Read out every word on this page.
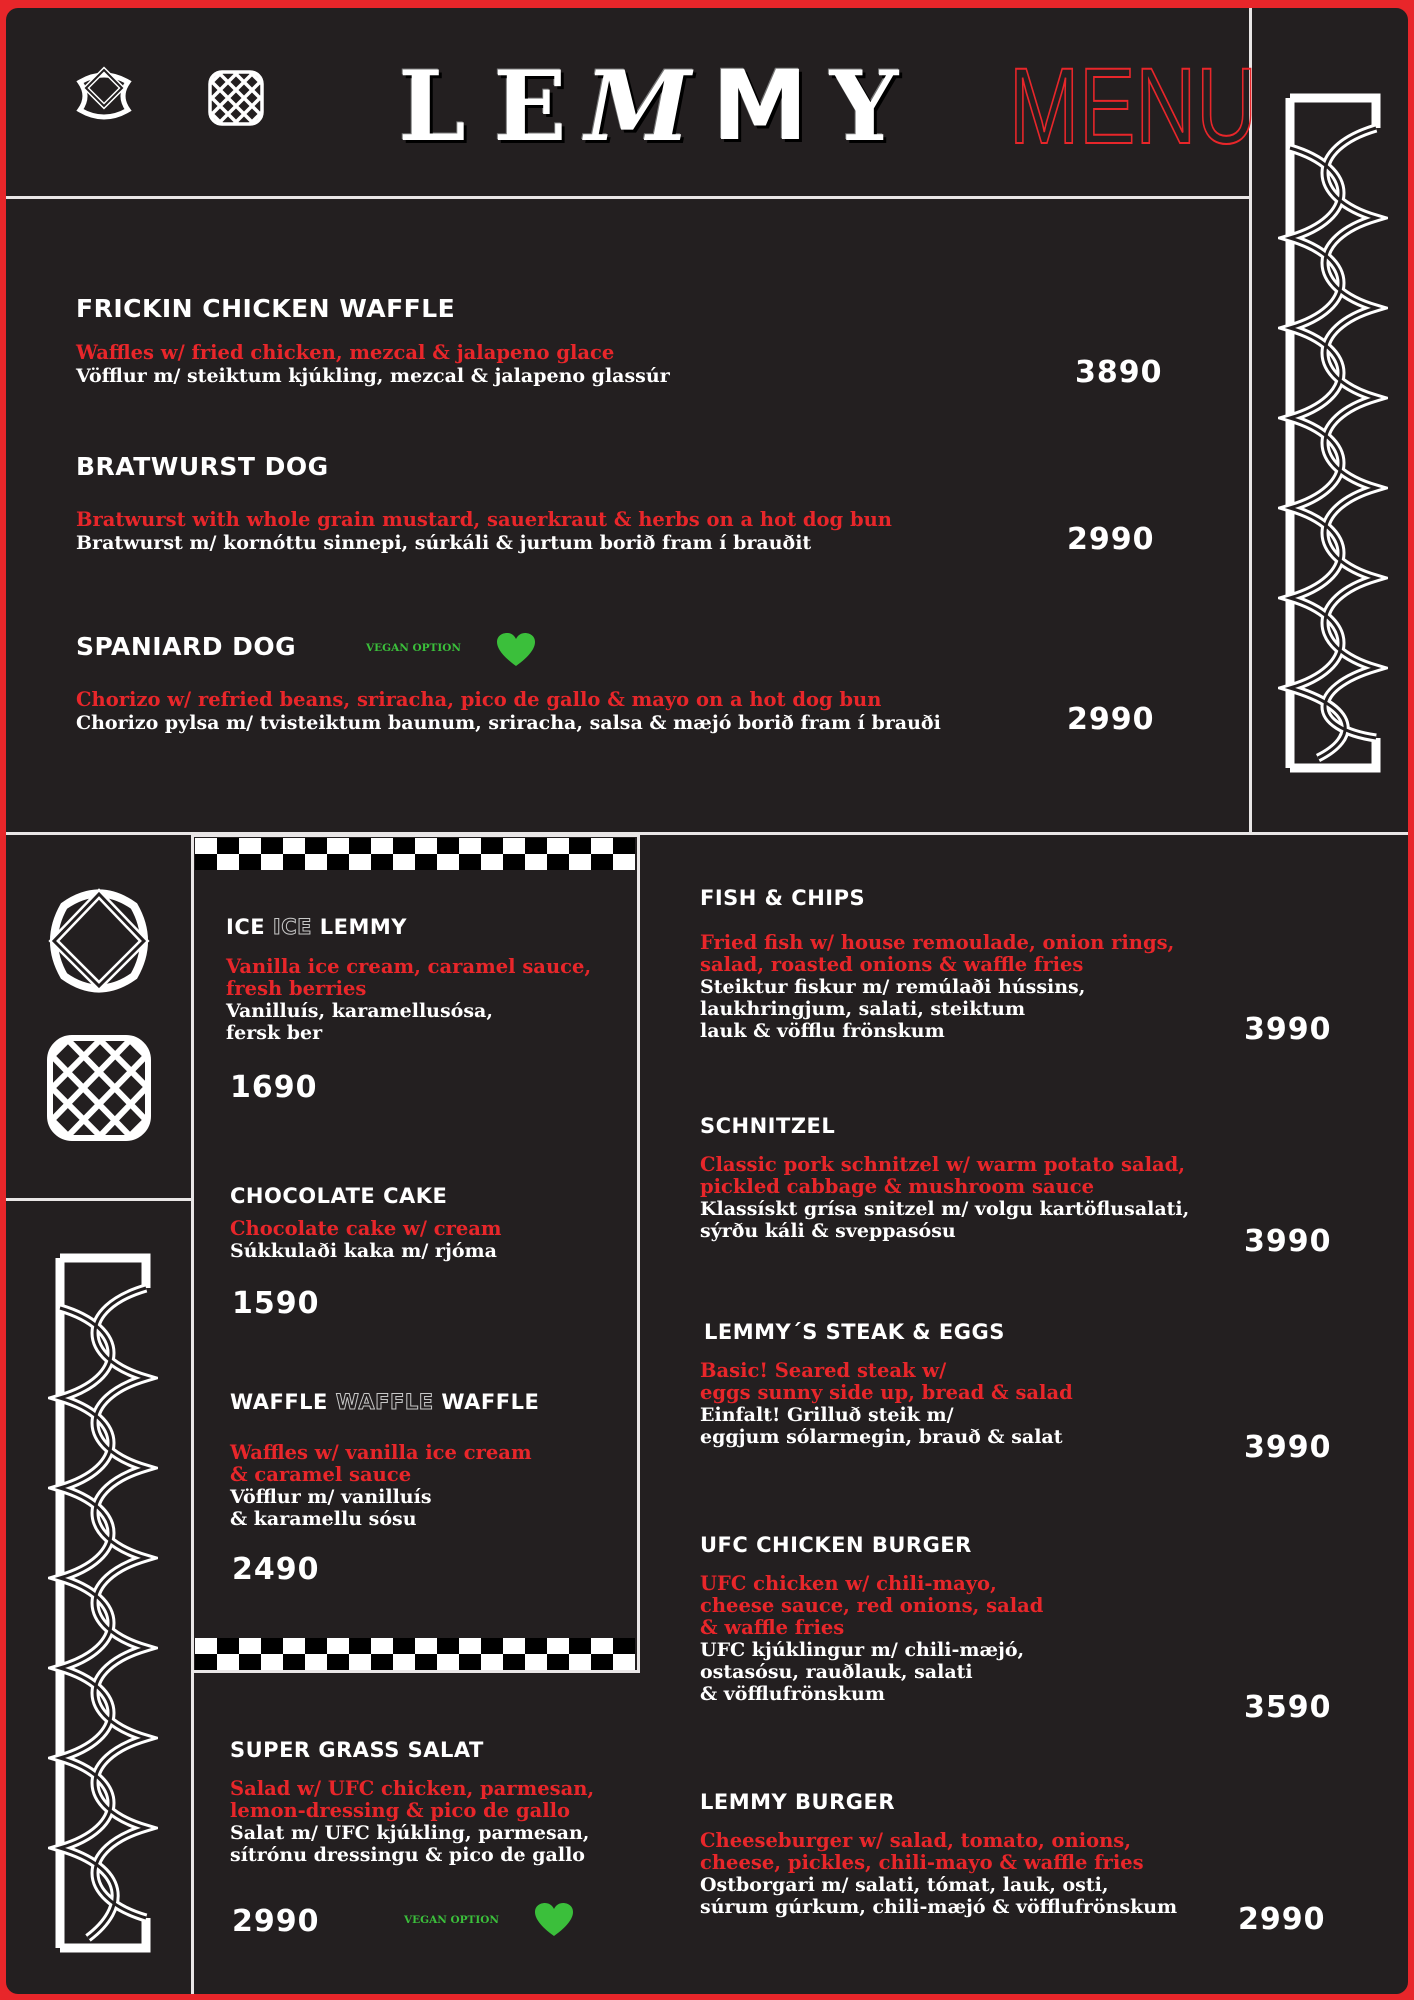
L E M M Y MENU
FRICKIN CHICKEN WAFFLE
Waffles w/ fried chicken, mezcal & jalapeno glace
Vöfflur m/ steiktum kjúkling, mezcal & jalapeno glassúr	3890
BRATWURST DOG
Bratwurst with whole grain mustard, sauerkraut & herbs on a hot dog bun
Bratwurst m/ kornóttu sinnepi, súrkáli & jurtum borið fram í brauðit	2990
SPANIARD DOG	VEGAN OPTION
Chorizo w/ refried beans, sriracha, pico de gallo & mayo on a hot dog bun
Chorizo pylsa m/ tvisteiktum baunum, sriracha, salsa & mæjó borið fram í brauði	2990
ICE ICE LEMMY
Vanilla ice cream, caramel sauce,
fresh berries
Vanilluís, karamellusósa,
fersk ber
1690
CHOCOLATE CAKE
Chocolate cake w/ cream
Súkkulaði kaka m/ rjóma
1590
WAFFLE WAFFLE WAFFLE
Waffles w/ vanilla ice cream
& caramel sauce
Vöfflur m/ vanilluís
& karamellu sósu
2490
SUPER GRASS SALAT
Salad w/ UFC chicken, parmesan,
lemon-dressing & pico de gallo
Salat m/ UFC kjúkling, parmesan,
sítrónu dressingu & pico de gallo
2990	VEGAN OPTION
FISH & CHIPS
Fried fish w/ house remoulade, onion rings,
salad, roasted onions & waffle fries
Steiktur fiskur m/ remúlaði hússins,
laukhringjum, salati, steiktum
lauk & vöfflu frönskum	3990
SCHNITZEL
Classic pork schnitzel w/ warm potato salad,
pickled cabbage & mushroom sauce
Klassískt grísa snitzel m/ volgu kartöflusalati,
sýrðu káli & sveppasósu	3990
LEMMY´S STEAK & EGGS
Basic! Seared steak w/
eggs sunny side up, bread & salad
Einfalt! Grilluð steik m/
eggjum sólarmegin, brauð & salat	3990
UFC CHICKEN BURGER
UFC chicken w/ chili-mayo,
cheese sauce, red onions, salad
& waffle fries
UFC kjúklingur m/ chili-mæjó,
ostasósu, rauðlauk, salati
& vöfflufrönskum	3590
LEMMY BURGER
Cheeseburger w/ salad, tomato, onions,
cheese, pickles, chili-mayo & waffle fries
Ostborgari m/ salati, tómat, lauk, osti,
súrum gúrkum, chili-mæjó & vöfflufrönskum 2990
